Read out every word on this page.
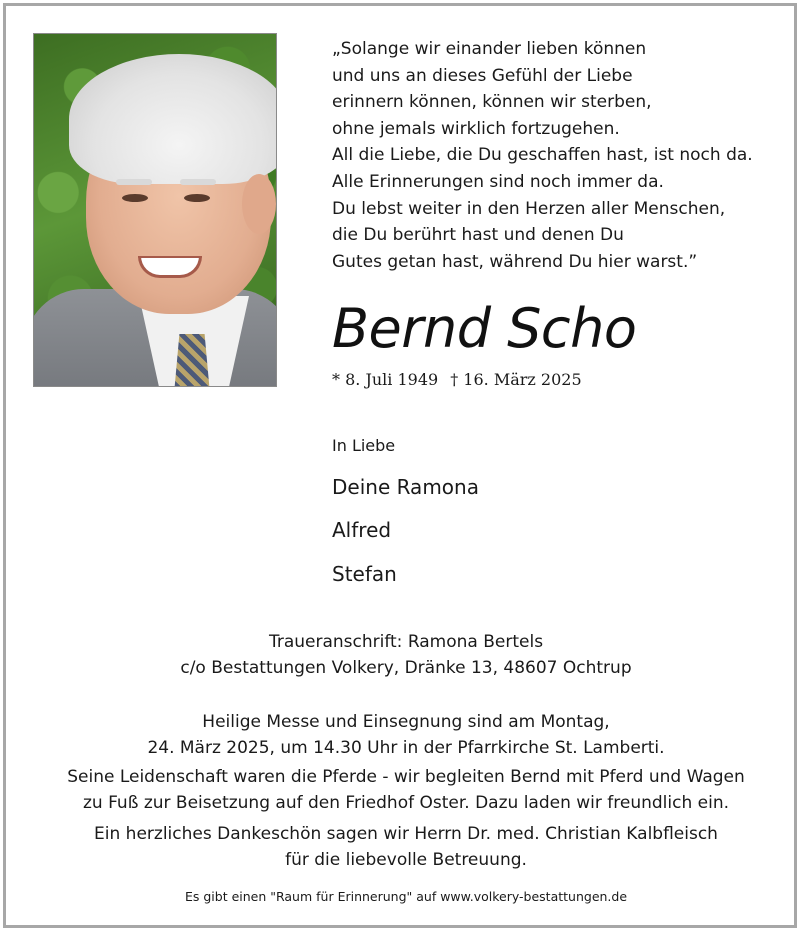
„Solange wir einander lieben können
und uns an dieses Gefühl der Liebe
erinnern können, können wir sterben,
ohne jemals wirklich fortzugehen.
All die Liebe, die Du geschaffen hast, ist noch da.
Alle Erinnerungen sind noch immer da.
Du lebst weiter in den Herzen aller Menschen,
die Du berührt hast und denen Du
Gutes getan hast, während Du hier warst.”
Bernd Scho
* 8. Juli 1949 † 16. März 2025
In Liebe
Deine Ramona
Alfred
Stefan
Traueranschrift: Ramona Bertels
c/o Bestattungen Volkery, Dränke 13, 48607 Ochtrup
Heilige Messe und Einsegnung sind am Montag,
24. März 2025, um 14.30 Uhr in der Pfarrkirche St. Lamberti.
Seine Leidenschaft waren die Pferde - wir begleiten Bernd mit Pferd und Wagen
zu Fuß zur Beisetzung auf den Friedhof Oster. Dazu laden wir freundlich ein.
Ein herzliches Dankeschön sagen wir Herrn Dr. med. Christian Kalbfleisch
für die liebevolle Betreuung.
Es gibt einen "Raum für Erinnerung" auf www.volkery-bestattungen.de
